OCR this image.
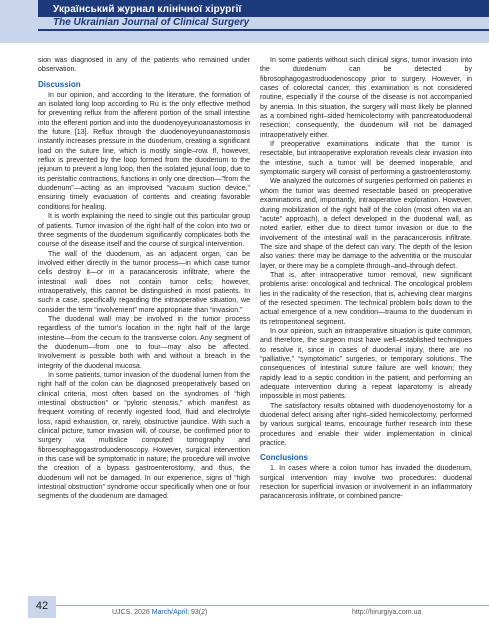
Український журнал клінічної хірургії
The Ukrainian Journal of Clinical Surgery

sion was diagnosed in any of the patients who remained under observation.

Discussion

In our opinion, and according to the literature, the formation of an isolated long loop according to Ru is the only effective method for preventing reflux from the afferent portion of the small intestine into the efferent portion and into the duodenoyeyunoanastomosis in the future [13]. Reflux through the duodenoyeyunoanastomosis instantly increases pressure in the duodenum, creating a significant load on the suture line, which is mostly single–row. If, however, reflux is prevented by the loop formed from the duodenum to the jejunum to prevent a long loop, then the isolated jejunal loop, due to its peristaltic contractions, functions in only one direction—"from the duodenum"—acting as an improvised "vacuum suction device," ensuring timely evacuation of contents and creating favorable conditions for healing.

It is worth explaining the need to single out this particular group of patients. Tumor invasion of the right half of the colon into two or three segments of the duodenum significantly complicates both the course of the disease itself and the course of surgical intervention.

The wall of the duodenum, as an adjacent organ, can be involved either directly in the tumor process—in which case tumor cells destroy it—or in a paracancerosis infiltrate, where the intestinal wall does not contain tumor cells; however, intraoperatively, this cannot be distinguished in most patients. In such a case, specifically regarding the intraoperative situation, we consider the term “involvement” more appropriate than “invasion.”

The duodenal wall may be involved in the tumor process regardless of the tumor’s location in the right half of the large intestine—from the cecum to the transverse colon. Any segment of the duodenum—from one to four—may also be affected. Involvement is possible both with and without a breach in the integrity of the duodenal mucosa.

In some patients, tumor invasion of the duodenal lumen from the right half of the colon can be diagnosed preoperatively based on clinical criteria, most often based on the syndromes of “high intestinal obstruction” or “pyloric stenosis,” which manifest as frequent vomiting of recently ingested food, fluid and electrolyte loss, rapid exhaustion, or, rarely, obstructive jaundice. With such a clinical picture, tumor invasion will, of course, be confirmed prior to surgery via multislice computed tomography and fibroesophagogastroduodenoscopy. However, surgical intervention in this case will be symptomatic in nature; the procedure will involve the creation of a bypass gastroenterostomy, and thus, the duodenum will not be damaged. In our experience, signs of “high intestinal obstruction” syndrome occur specifically when one or four segments of the duodenum are damaged.

In some patients without such clinical signs, tumor invasion into the duodenum can be detected by fibrosophagogastroduodenoscopy prior to surgery. However, in cases of colorectal cancer, this examination is not considered routine, especially if the course of the disease is not accompanied by anemia. In this situation, the surgery will most likely be planned as a combined right–sided hemicolectomy with pancreatoduodenal resection; consequently, the duodenum will not be damaged intraoperatively either.

If preoperative examinations indicate that the tumor is resectable, but intraoperative exploration reveals clear invasion into the intestine, such a tumor will be deemed inoperable, and symptomatic surgery will consist of performing a gastroenterostomy.

We analyzed the outcomes of surgeries performed on patients in whom the tumor was deemed resectable based on preoperative examinations and, importantly, intraoperative exploration. However, during mobilization of the right half of the colon (most often via an “acute” approach), a defect developed in the duodenal wall, as noted earlier, either due to direct tumor invasion or due to the involvement of the intestinal wall in the paracancerosis infiltrate. The size and shape of the defect can vary. The depth of the lesion also varies: there may be damage to the adventitia or the muscular layer, or there may be a complete through–and–through defect.

That is, after intraoperative tumor removal, new significant problems arise: oncological and technical. The oncological problem lies in the radicality of the resection, that is, achieving clear margins of the resected specimen. The technical problem boils down to the actual emergence of a new condition—trauma to the duodenum in its retroperitoneal segment.

In our opinion, such an intraoperative situation is quite common, and therefore, the surgeon must have well–established techniques to resolve it, since in cases of duodenal injury, there are no “palliative,” “symptomatic” surgeries, or temporary solutions. The consequences of intestinal suture failure are well known; they rapidly lead to a septic condition in the patient, and performing an adequate intervention during a repeat laparotomy is already impossible in most patients.

The satisfactory results obtained with duodenoyenostomy for a duodenal defect arising after right–sided hemicolectomy, performed by various surgical teams, encourage further research into these procedures and enable their wider implementation in clinical practice.

Conclusions

1. In cases where a colon tumor has invaded the duodenum, surgical intervention may involve two procedures: duodenal resection for superficial invasion or involvement in an inflammatory paracancerosis infiltrate, or combined pancre-

42
UJCS. 2026 March/April; 93(2)	http://hirurgiya.com.ua
